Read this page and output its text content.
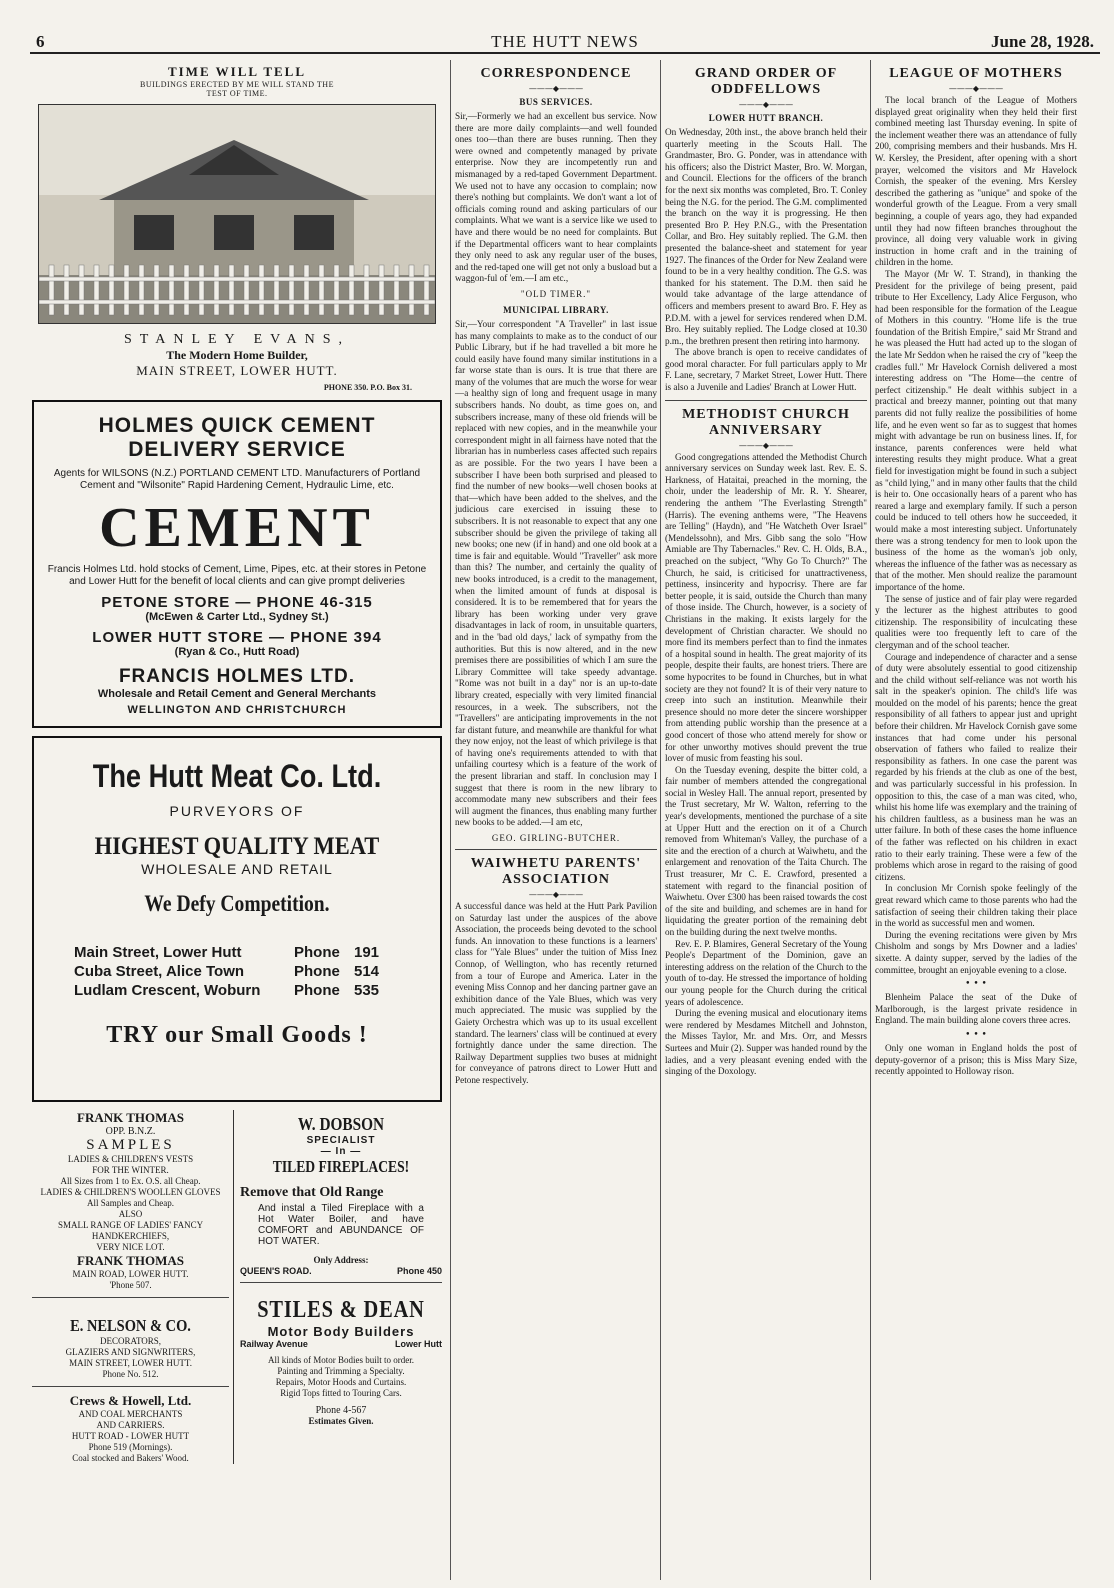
6	THE HUTT NEWS	June 28, 1928.
TIME WILL TELL
BUILDINGS ERECTED BY ME WILL STAND THE
TEST OF TIME.
STANLEY EVANS,
The Modern Home Builder,
MAIN STREET, LOWER HUTT.
PHONE 350. P.O. Box 31.
HOLMES QUICK CEMENT
DELIVERY SERVICE
Agents for WILSONS (N.Z.) PORTLAND CEMENT LTD. Manufacturers of Portland Cement and "Wilsonite" Rapid Hardening Cement, Hydraulic Lime, etc.
CEMENT
Francis Holmes Ltd. hold stocks of Cement, Lime, Pipes, etc. at their stores in Petone and Lower Hutt for the benefit of local clients and can give prompt deliveries
PETONE STORE — PHONE 46-315
(McEwen & Carter Ltd., Sydney St.)
LOWER HUTT STORE — PHONE 394
(Ryan & Co., Hutt Road)
FRANCIS HOLMES LTD.
Wholesale and Retail Cement and General Merchants
WELLINGTON AND CHRISTCHURCH
The Hutt Meat Co. Ltd.
PURVEYORS OF
HIGHEST QUALITY MEAT
WHOLESALE AND RETAIL
We Defy Competition.
Main Street, Lower Hutt	Phone 191
Cuba Street, Alice Town	Phone 514
Ludlam Crescent, Woburn	Phone 535
TRY our Small Goods !
FRANK THOMAS
OPP. B.N.Z.
SAMPLES
LADIES & CHILDREN'S VESTS
FOR THE WINTER.
All Sizes from 1 to Ex. O.S. all Cheap.
LADIES & CHILDREN'S WOOLLEN GLOVES
All Samples and Cheap.
ALSO
SMALL RANGE OF LADIES' FANCY HANDKERCHIEFS,
VERY NICE LOT.
FRANK THOMAS
MAIN ROAD, LOWER HUTT.
'Phone 507.
E. NELSON & CO.
DECORATORS,
GLAZIERS AND SIGNWRITERS,
MAIN STREET, LOWER HUTT.
Phone No. 512.
Crews & Howell, Ltd.
AND COAL MERCHANTS
AND CARRIERS.
HUTT ROAD - LOWER HUTT
Phone 519 (Mornings).
Coal stocked and Bakers' Wood.
W. DOBSON
SPECIALIST
— In —
TILED FIREPLACES!
Remove that Old Range
And instal a Tiled Fireplace with a Hot Water Boiler, and have COMFORT and ABUNDANCE OF HOT WATER.
Only Address:
QUEEN'S ROAD.	Phone 450
STILES & DEAN
Motor Body Builders
Railway Avenue	Lower Hutt
All kinds of Motor Bodies built to order.
Painting and Trimming a Specialty.
Repairs, Motor Hoods and Curtains.
Rigid Tops fitted to Touring Cars.
Phone 4-567
Estimates Given.
CORRESPONDENCE
———◆———
BUS SERVICES.

Sir,—Formerly we had an excellent bus service. Now there are more daily complaints—and well founded ones too—than there are buses running. Then they were owned and competently managed by private enterprise. Now they are incompetently run and mismanaged by a red-taped Government Department. We used not to have any occasion to complain; now there's nothing but complaints. We don't want a lot of officials coming round and asking particulars of our complaints. What we want is a service like we used to have and there would be no need for complaints. But if the Departmental officers want to hear complaints they only need to ask any regular user of the buses, and the red-taped one will get not only a busload but a waggon-ful of 'em.—I am etc.,

"OLD TIMER."
MUNICIPAL LIBRARY.

Sir,—Your correspondent "A Traveller" in last issue has many complaints to make as to the conduct of our Public Library, but if he had travelled a bit more he could easily have found many similar institutions in a far worse state than is ours. It is true that there are many of the volumes that are much the worse for wear—a healthy sign of long and frequent usage in many subscribers hands. No doubt, as time goes on, and subscribers increase, many of these old friends will be replaced with new copies, and in the meanwhile your correspondent might in all fairness have noted that the librarian has in numberless cases affected such repairs as are possible. For the two years I have been a subscriber I have been both surprised and pleased to find the number of new books—well chosen books at that—which have been added to the shelves, and the judicious care exercised in issuing these to subscribers. It is not reasonable to expect that any one subscriber should be given the privilege of taking all new books; one new (if in hand) and one old book at a time is fair and equitable. Would "Traveller" ask more than this? The number, and certainly the quality of new books introduced, is a credit to the management, when the limited amount of funds at disposal is considered. It is to be remembered that for years the library has been working under very grave disadvantages in lack of room, in unsuitable quarters, and in the 'bad old days,' lack of sympathy from the authorities. But this is now altered, and in the new premises there are possibilities of which I am sure the Library Committee will take speedy advantage. "Rome was not built in a day" nor is an up-to-date library created, especially with very limited financial resources, in a week. The subscribers, not the "Travellers" are anticipating improvements in the not far distant future, and meanwhile are thankful for what they now enjoy, not the least of which privilege is that of having one's requirements attended to with that unfailing courtesy which is a feature of the work of the present librarian and staff. In conclusion may I suggest that there is room in the new library to accommodate many new subscribers and their fees will augment the finances, thus enabling many further new books to be added.—I am etc,

GEO. GIRLING-BUTCHER.
WAIWHETU PARENTS' ASSOCIATION
———◆———

A successful dance was held at the Hutt Park Pavilion on Saturday last under the auspices of the above Association, the proceeds being devoted to the school funds. An innovation to these functions is a learners' class for "Yale Blues" under the tuition of Miss Inez Connop, of Wellington, who has recently returned from a tour of Europe and America. Later in the evening Miss Connop and her dancing partner gave an exhibition dance of the Yale Blues, which was very much appreciated. The music was supplied by the Gaiety Orchestra which was up to its usual excellent standard. The learners' class will be continued at every fortnightly dance under the same direction. The Railway Department supplies two buses at midnight for conveyance of patrons direct to Lower Hutt and Petone respectively.

GRAND ORDER OF ODDFELLOWS
———◆———
LOWER HUTT BRANCH.

On Wednesday, 20th inst., the above branch held their quarterly meeting in the Scouts Hall. The Grandmaster, Bro. G. Ponder, was in attendance with his officers; also the District Master, Bro. W. Morgan, and Council. Elections for the officers of the branch for the next six months was completed, Bro. T. Conley being the N.G. for the period. The G.M. complimented the branch on the way it is progressing. He then presented Bro P. Hey P.N.G., with the Presentation Collar, and Bro. Hey suitably replied. The G.M. then presented the balance-sheet and statement for year 1927. The finances of the Order for New Zealand were found to be in a very healthy condition. The G.S. was thanked for his statement. The D.M. then said he would take advantage of the large attendance of officers and members present to award Bro. F. Hey as P.D.M. with a jewel for services rendered when D.M. Bro. Hey suitably replied. The Lodge closed at 10.30 p.m., the brethren present then retiring into harmony.

The above branch is open to receive candidates of good moral character. For full particulars apply to Mr F. Lane, secretary, 7 Market Street, Lower Hutt. There is also a Juvenile and Ladies' Branch at Lower Hutt.

METHODIST CHURCH ANNIVERSARY
———◆———

Good congregations attended the Methodist Church anniversary services on Sunday week last. Rev. E. S. Harkness, of Hataitai, preached in the morning, the choir, under the leadership of Mr. R. Y. Shearer, rendering the anthem "The Everlasting Strength" (Harris). The evening anthems were, "The Heavens are Telling" (Haydn), and "He Watcheth Over Israel" (Mendelssohn), and Mrs. Gibb sang the solo "How Amiable are Thy Tabernacles." Rev. C. H. Olds, B.A., preached on the subject, "Why Go To Church?" The Church, he said, is criticised for unattractiveness, pettiness, insincerity and hypocrisy. There are far better people, it is said, outside the Church than many of those inside. The Church, however, is a society of Christians in the making. It exists largely for the development of Christian character. We should no more find its members perfect than to find the inmates of a hospital sound in health. The great majority of its people, despite their faults, are honest triers. There are some hypocrites to be found in Churches, but in what society are they not found? It is of their very nature to creep into such an institution. Meanwhile their presence should no more deter the sincere worshipper from attending public worship than the presence at a good concert of those who attend merely for show or for other unworthy motives should prevent the true lover of music from feasting his soul.

On the Tuesday evening, despite the bitter cold, a fair number of members attended the congregational social in Wesley Hall. The annual report, presented by the Trust secretary, Mr W. Walton, referring to the year's developments, mentioned the purchase of a site at Upper Hutt and the erection on it of a Church removed from Whiteman's Valley, the purchase of a site and the erection of a church at Waiwhetu, and the enlargement and renovation of the Taita Church. The Trust treasurer, Mr C. E. Crawford, presented a statement with regard to the financial position of Waiwhetu. Over £300 has been raised towards the cost of the site and building, and schemes are in hand for liquidating the greater portion of the remaining debt on the building during the next twelve months.

Rev. E. P. Blamires, General Secretary of the Young People's Department of the Dominion, gave an interesting address on the relation of the Church to the youth of to-day. He stressed the importance of holding our young people for the Church during the critical years of adolescence.

During the evening musical and elocutionary items were rendered by Mesdames Mitchell and Johnston, the Misses Taylor, Mr. and Mrs. Orr, and Messrs Surtees and Muir (2). Supper was handed round by the ladies, and a very pleasant evening ended with the singing of the Doxology.

LEAGUE OF MOTHERS
———◆———

The local branch of the League of Mothers displayed great originality when they held their first combined meeting last Thursday evening. In spite of the inclement weather there was an attendance of fully 200, comprising members and their husbands. Mrs H. W. Kersley, the President, after opening with a short prayer, welcomed the visitors and Mr Havelock Cornish, the speaker of the evening. Mrs Kersley described the gathering as "unique" and spoke of the wonderful growth of the League. From a very small beginning, a couple of years ago, they had expanded until they had now fifteen branches throughout the province, all doing very valuable work in giving instruction in home craft and in the training of children in the home.

The Mayor (Mr W. T. Strand), in thanking the President for the privilege of being present, paid tribute to Her Excellency, Lady Alice Ferguson, who had been responsible for the formation of the League of Mothers in this country. "Home life is the true foundation of the British Empire," said Mr Strand and he was pleased the Hutt had acted up to the slogan of the late Mr Seddon when he raised the cry of "keep the cradles full." Mr Havelock Cornish delivered a most interesting address on "The Home—the centre of perfect citizenship." He dealt withhis subject in a practical and breezy manner, pointing out that many parents did not fully realize the possibilities of home life, and he even went so far as to suggest that homes might with advantage be run on business lines. If, for instance, parents conferences were held what interesting results they might produce. What a great field for investigation might be found in such a subject as "child lying," and in many other faults that the child is heir to. One occasionally hears of a parent who has reared a large and exemplary family. If such a person could be induced to tell others how he succeeded, it would make a most interesting subject. Unfortunately there was a strong tendency for men to look upon the business of the home as the woman's job only, whereas the influence of the father was as necessary as that of the mother. Men should realize the paramount importance of the home.

The sense of justice and of fair play were regarded y the lecturer as the highest attributes to good citizenship. The responsibility of inculcating these qualities were too frequently left to care of the clergyman and of the school teacher.

Courage and independence of character and a sense of duty were absolutely essential to good citizenship and the child without self-reliance was not worth his salt in the speaker's opinion. The child's life was moulded on the model of his parents; hence the great responsibility of all fathers to appear just and upright before their children. Mr Havelock Cornish gave some instances that had come under his personal observation of fathers who failed to realize their responsibility as fathers. In one case the parent was regarded by his friends at the club as one of the best, and was particularly successful in his profession. In opposition to this, the case of a man was cited, who, whilst his home life was exemplary and the training of his children faultless, as a business man he was an utter failure. In both of these cases the home influence of the father was reflected on his children in exact ratio to their early training. These were a few of the problems which arose in regard to the raising of good citizens.

In conclusion Mr Cornish spoke feelingly of the great reward which came to those parents who had the satisfaction of seeing their children taking their place in the world as successful men and women.

During the evening recitations were given by Mrs Chisholm and songs by Mrs Downer and a ladies' sixette. A dainty supper, served by the ladies of the committee, brought an enjoyable evening to a close.

• • •

Blenheim Palace the seat of the Duke of Marlborough, is the largest private residence in England. The main building alone covers three acres.

• • •

Only one woman in England holds the post of deputy-governor of a prison; this is Miss Mary Size, recently appointed to Holloway rison.
